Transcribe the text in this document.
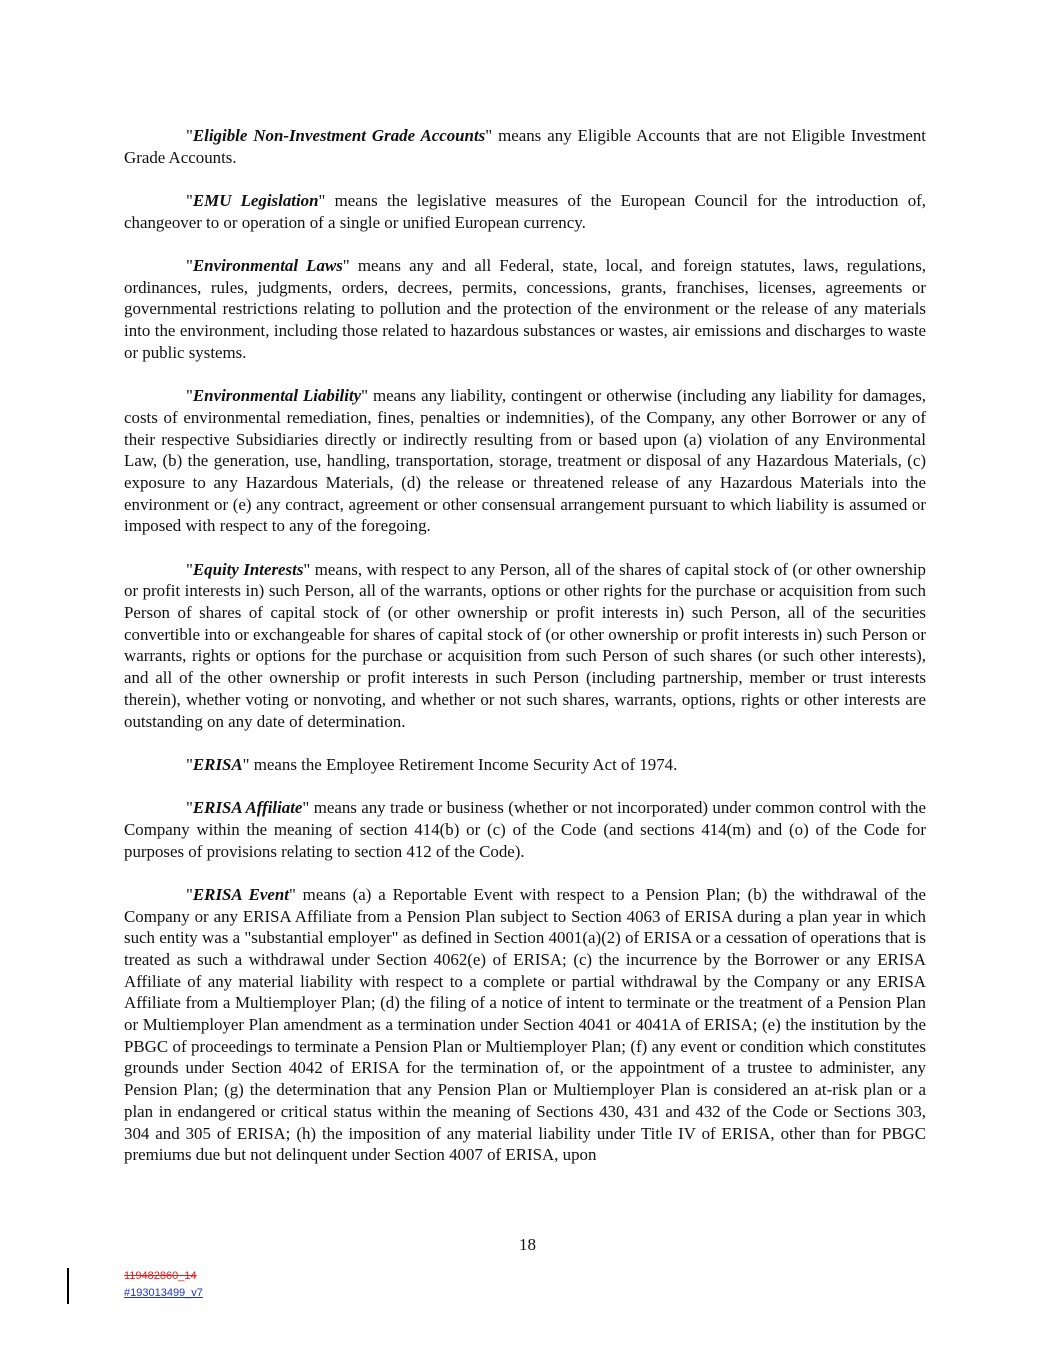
"Eligible Non-Investment Grade Accounts" means any Eligible Accounts that are not Eligible Investment Grade Accounts.

"EMU Legislation" means the legislative measures of the European Council for the introduction of, changeover to or operation of a single or unified European currency.

"Environmental Laws" means any and all Federal, state, local, and foreign statutes, laws, regulations, ordinances, rules, judgments, orders, decrees, permits, concessions, grants, franchises, licenses, agreements or governmental restrictions relating to pollution and the protection of the environment or the release of any materials into the environment, including those related to hazardous substances or wastes, air emissions and discharges to waste or public systems.

"Environmental Liability" means any liability, contingent or otherwise (including any liability for damages, costs of environmental remediation, fines, penalties or indemnities), of the Company, any other Borrower or any of their respective Subsidiaries directly or indirectly resulting from or based upon (a) violation of any Environmental Law, (b) the generation, use, handling, transportation, storage, treatment or disposal of any Hazardous Materials, (c) exposure to any Hazardous Materials, (d) the release or threatened release of any Hazardous Materials into the environment or (e) any contract, agreement or other consensual arrangement pursuant to which liability is assumed or imposed with respect to any of the foregoing.

"Equity Interests" means, with respect to any Person, all of the shares of capital stock of (or other ownership or profit interests in) such Person, all of the warrants, options or other rights for the purchase or acquisition from such Person of shares of capital stock of (or other ownership or profit interests in) such Person, all of the securities convertible into or exchangeable for shares of capital stock of (or other ownership or profit interests in) such Person or warrants, rights or options for the purchase or acquisition from such Person of such shares (or such other interests), and all of the other ownership or profit interests in such Person (including partnership, member or trust interests therein), whether voting or nonvoting, and whether or not such shares, warrants, options, rights or other interests are outstanding on any date of determination.

"ERISA" means the Employee Retirement Income Security Act of 1974.

"ERISA Affiliate" means any trade or business (whether or not incorporated) under common control with the Company within the meaning of section 414(b) or (c) of the Code (and sections 414(m) and (o) of the Code for purposes of provisions relating to section 412 of the Code).

"ERISA Event" means (a) a Reportable Event with respect to a Pension Plan; (b) the withdrawal of the Company or any ERISA Affiliate from a Pension Plan subject to Section 4063 of ERISA during a plan year in which such entity was a "substantial employer" as defined in Section 4001(a)(2) of ERISA or a cessation of operations that is treated as such a withdrawal under Section 4062(e) of ERISA; (c) the incurrence by the Borrower or any ERISA Affiliate of any material liability with respect to a complete or partial withdrawal by the Company or any ERISA Affiliate from a Multiemployer Plan; (d) the filing of a notice of intent to terminate or the treatment of a Pension Plan or Multiemployer Plan amendment as a termination under Section 4041 or 4041A of ERISA; (e) the institution by the PBGC of proceedings to terminate a Pension Plan or Multiemployer Plan; (f) any event or condition which constitutes grounds under Section 4042 of ERISA for the termination of, or the appointment of a trustee to administer, any Pension Plan; (g) the determination that any Pension Plan or Multiemployer Plan is considered an at-risk plan or a plan in endangered or critical status within the meaning of Sections 430, 431 and 432 of the Code or Sections 303, 304 and 305 of ERISA; (h) the imposition of any material liability under Title IV of ERISA, other than for PBGC premiums due but not delinquent under Section 4007 of ERISA, upon

18
119482860_14
#193013499_v7
